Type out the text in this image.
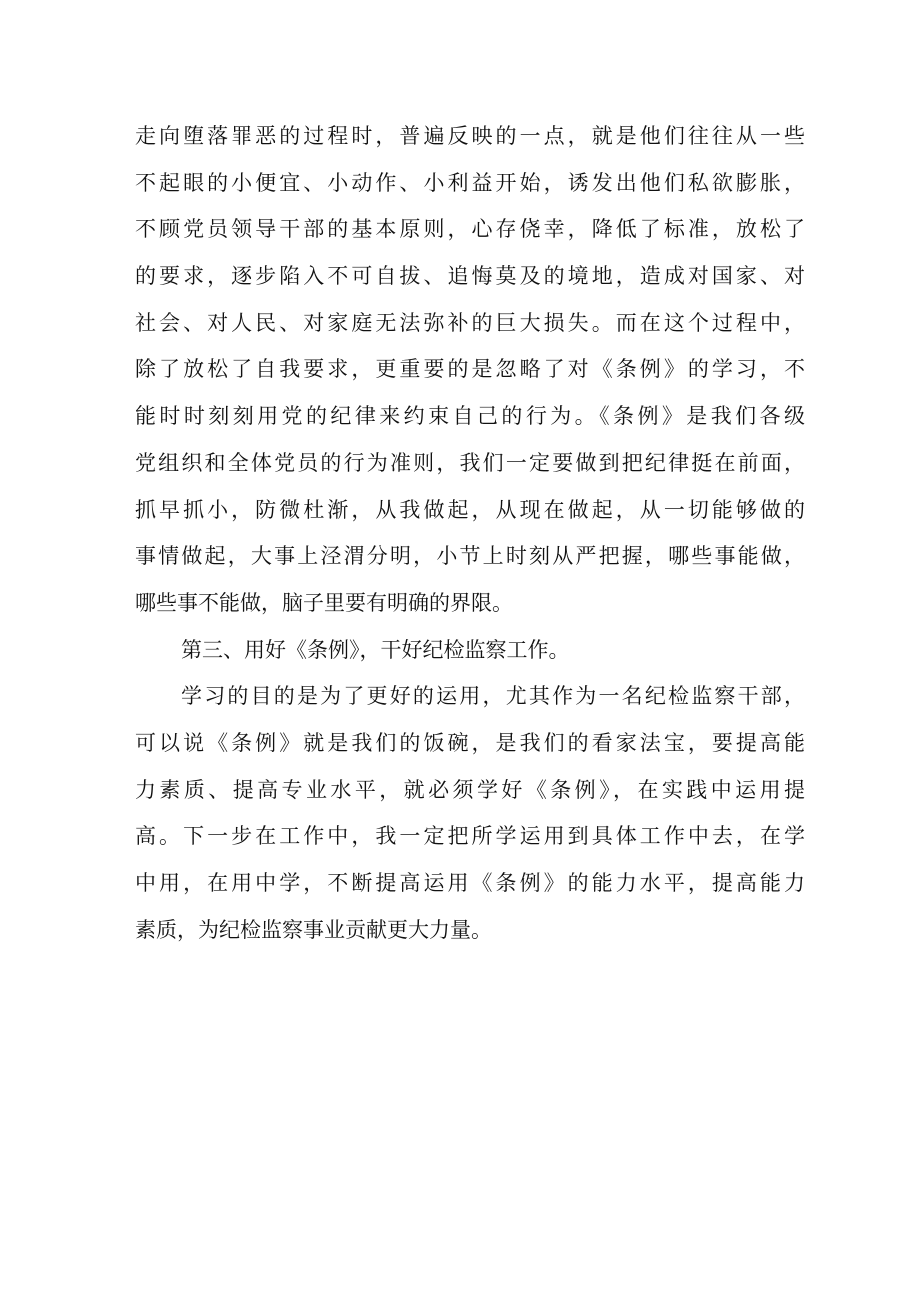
走向堕落罪恶的过程时，普遍反映的一点，就是他们往往从一些
不起眼的小便宜、小动作、小利益开始，诱发出他们私欲膨胀，
不顾党员领导干部的基本原则，心存侥幸，降低了标准，放松了
的要求，逐步陷入不可自拔、追悔莫及的境地，造成对国家、对
社会、对人民、对家庭无法弥补的巨大损失。而在这个过程中，
除了放松了自我要求，更重要的是忽略了对《条例》的学习，不
能时时刻刻用党的纪律来约束自己的行为。《条例》是我们各级
党组织和全体党员的行为准则，我们一定要做到把纪律挺在前面，
抓早抓小，防微杜渐，从我做起，从现在做起，从一切能够做的
事情做起，大事上泾渭分明，小节上时刻从严把握，哪些事能做，
哪些事不能做，脑子里要有明确的界限。
第三、用好《条例》，干好纪检监察工作。
学习的目的是为了更好的运用，尤其作为一名纪检监察干部，
可以说《条例》就是我们的饭碗，是我们的看家法宝，要提高能
力素质、提高专业水平，就必须学好《条例》，在实践中运用提
高。下一步在工作中，我一定把所学运用到具体工作中去，在学
中用，在用中学，不断提高运用《条例》的能力水平，提高能力
素质，为纪检监察事业贡献更大力量。
